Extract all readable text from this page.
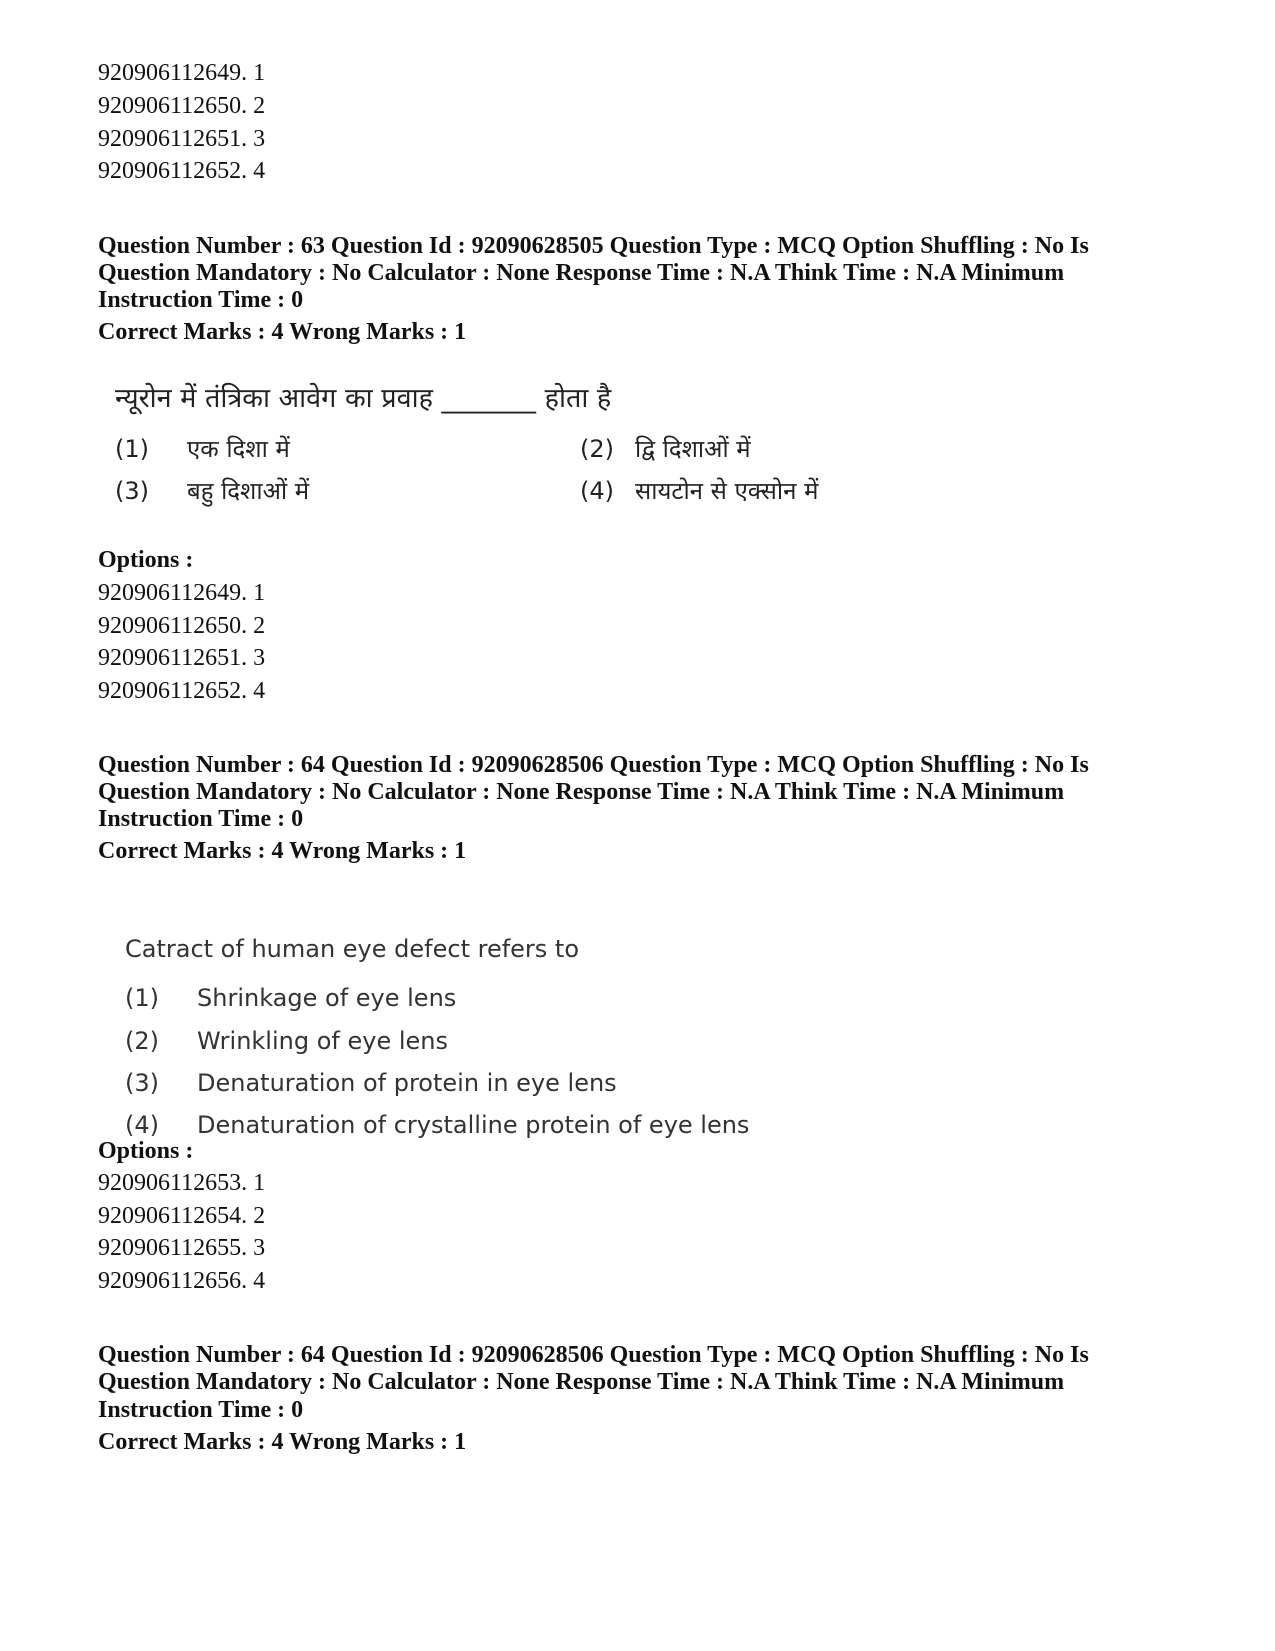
920906112649. 1
920906112650. 2
920906112651. 3
920906112652. 4
Question Number : 63 Question Id : 92090628505 Question Type : MCQ Option Shuffling : No Is
Question Mandatory : No Calculator : None Response Time : N.A Think Time : N.A Minimum
Instruction Time : 0
Correct Marks : 4 Wrong Marks : 1
न्यूरोन में तंत्रिका आवेग का प्रवाह _______ होता है
(1) एक दिशा में	(2) द्वि दिशाओं में
(3) बहु दिशाओं में	(4) सायटोन से एक्सोन में
Options :
920906112649. 1
920906112650. 2
920906112651. 3
920906112652. 4
Question Number : 64 Question Id : 92090628506 Question Type : MCQ Option Shuffling : No Is
Question Mandatory : No Calculator : None Response Time : N.A Think Time : N.A Minimum
Instruction Time : 0
Correct Marks : 4 Wrong Marks : 1
Catract of human eye defect refers to
(1) Shrinkage of eye lens
(2) Wrinkling of eye lens
(3) Denaturation of protein in eye lens
(4) Denaturation of crystalline protein of eye lens
Options :
920906112653. 1
920906112654. 2
920906112655. 3
920906112656. 4
Question Number : 64 Question Id : 92090628506 Question Type : MCQ Option Shuffling : No Is
Question Mandatory : No Calculator : None Response Time : N.A Think Time : N.A Minimum
Instruction Time : 0
Correct Marks : 4 Wrong Marks : 1
